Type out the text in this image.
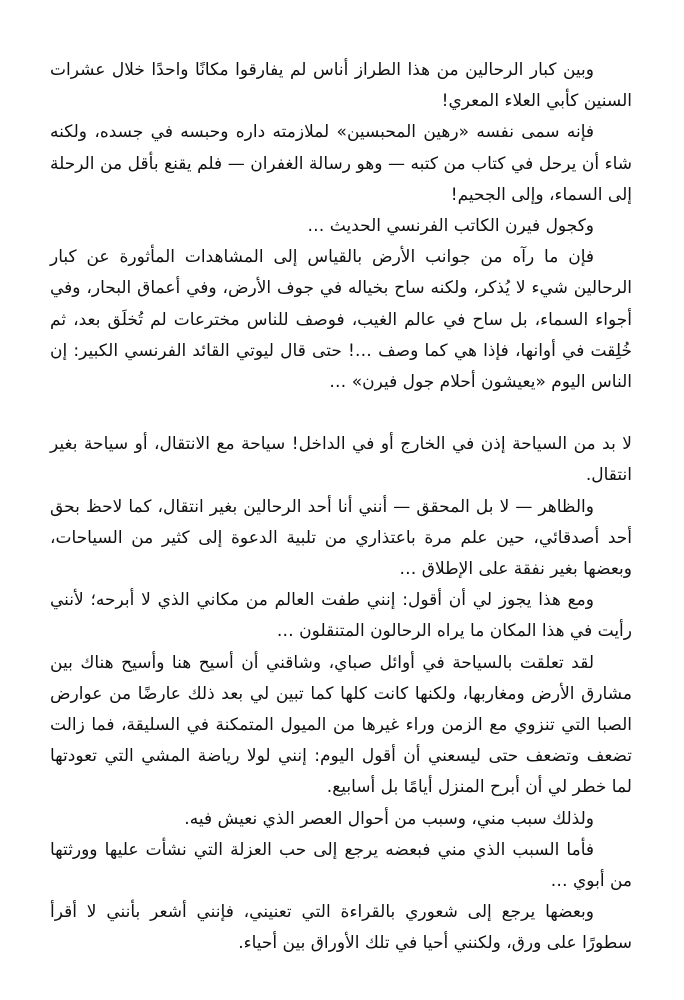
وبين كبار الرحالين من هذا الطراز أناس لم يفارقوا مكانًا واحدًا خلال عشرات السنين كأبي العلاء المعري!

فإنه سمى نفسه «رهين المحبسين» لملازمته داره وحبسه في جسده، ولكنه شاء أن يرحل في كتاب من كتبه — وهو رسالة الغفران — فلم يقنع بأقل من الرحلة إلى السماء، وإلى الجحيم!

وكجول فيرن الكاتب الفرنسي الحديث …

فإن ما رآه من جوانب الأرض بالقياس إلى المشاهدات المأثورة عن كبار الرحالين شيء لا يُذكر، ولكنه ساح بخياله في جوف الأرض، وفي أعماق البحار، وفي أجواء السماء، بل ساح في عالم الغيب، فوصف للناس مخترعات لم تُخلَق بعد، ثم خُلِقت في أوانها، فإذا هي كما وصف …! حتى قال ليوتي القائد الفرنسي الكبير: إن الناس اليوم «يعيشون أحلام جول فيرن» …

لا بد من السياحة إذن في الخارج أو في الداخل! سياحة مع الانتقال، أو سياحة بغير انتقال.

والظاهر — لا بل المحقق — أنني أنا أحد الرحالين بغير انتقال، كما لاحظ بحق أحد أصدقائي، حين علم مرة باعتذاري من تلبية الدعوة إلى كثير من السياحات، وبعضها بغير نفقة على الإطلاق …

ومع هذا يجوز لي أن أقول: إنني طفت العالم من مكاني الذي لا أبرحه؛ لأنني رأيت في هذا المكان ما يراه الرحالون المتنقلون …

لقد تعلقت بالسياحة في أوائل صباي، وشاقني أن أسيح هنا وأسيح هناك بين مشارق الأرض ومغاربها، ولكنها كانت كلها كما تبين لي بعد ذلك عارضًا من عوارض الصبا التي تنزوي مع الزمن وراء غيرها من الميول المتمكنة في السليقة، فما زالت تضعف وتضعف حتى ليسعني أن أقول اليوم: إنني لولا رياضة المشي التي تعودتها لما خطر لي أن أبرح المنزل أيامًا بل أسابيع.

ولذلك سبب مني، وسبب من أحوال العصر الذي نعيش فيه.

فأما السبب الذي مني فبعضه يرجع إلى حب العزلة التي نشأت عليها وورثتها من أبوي …

وبعضها يرجع إلى شعوري بالقراءة التي تعنيني، فإنني أشعر بأنني لا أقرأ سطورًا على ورق، ولكنني أحيا في تلك الأوراق بين أحياء.
